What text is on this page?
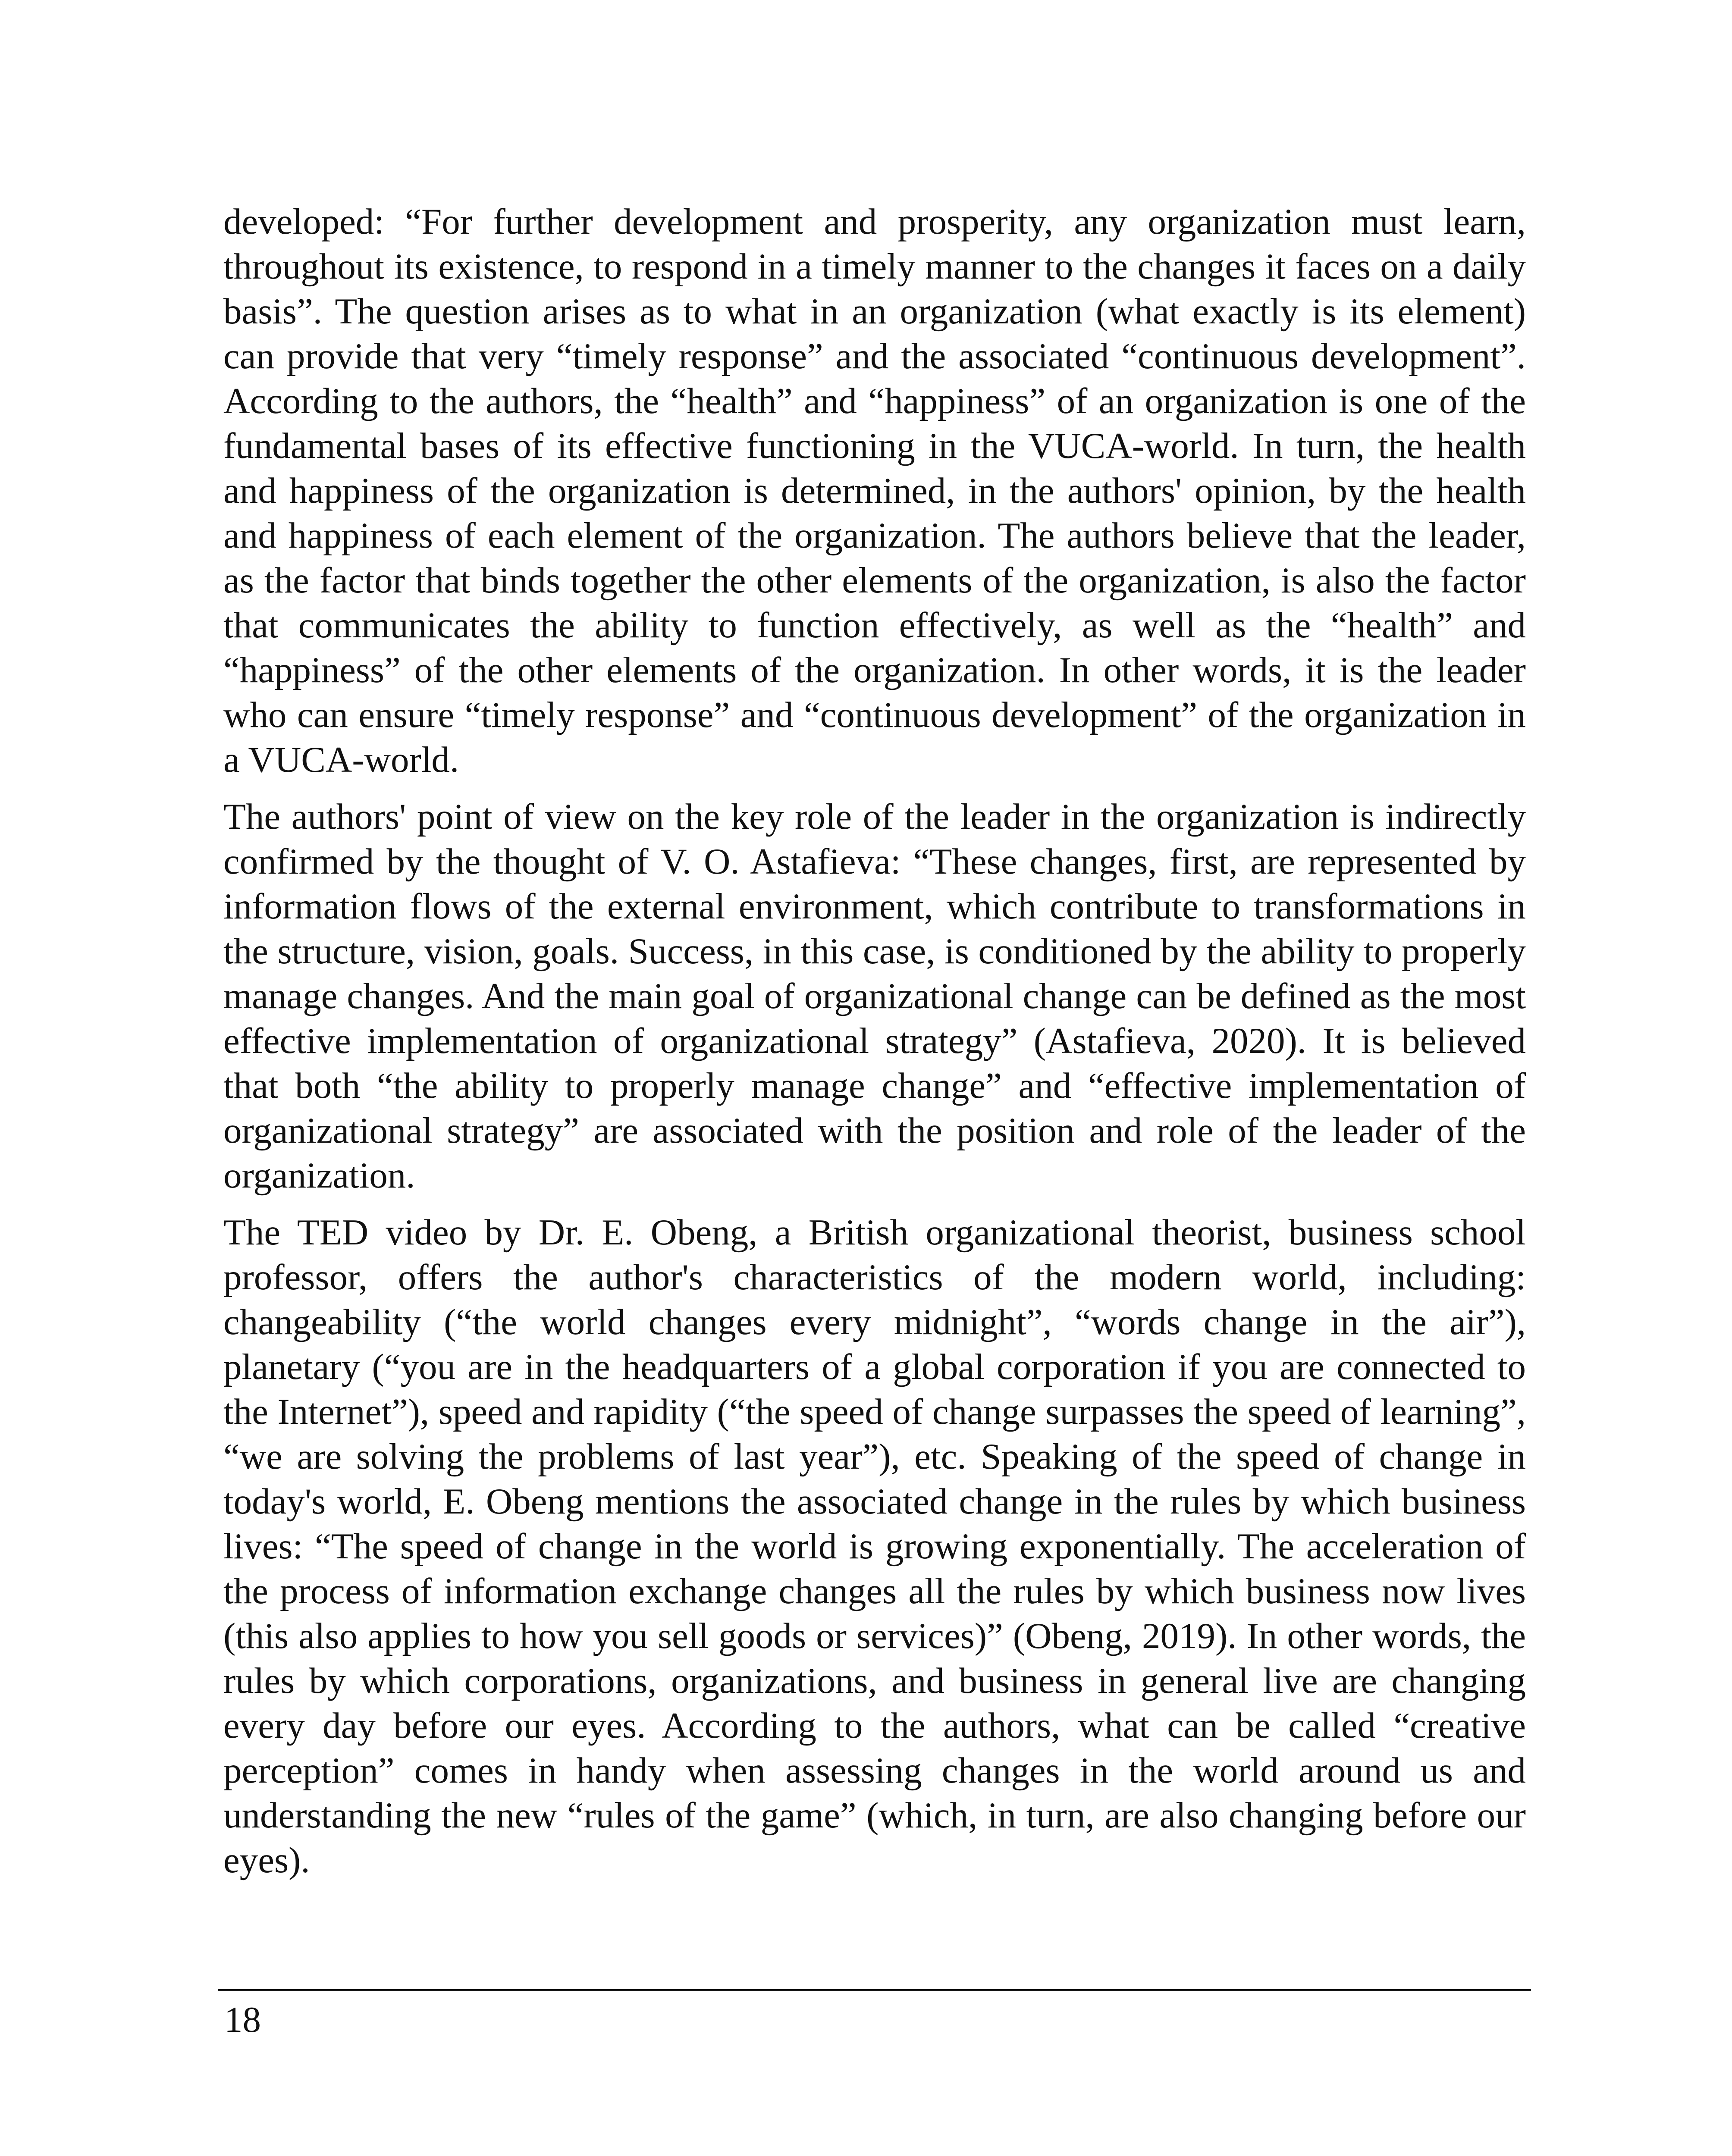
developed: “For further development and prosperity, any organization must learn, throughout its existence, to respond in a timely manner to the changes it faces on a daily basis”. The question arises as to what in an organization (what exactly is its element) can provide that very “timely response” and the associated “continuous development”. According to the authors, the “health” and “happiness” of an organization is one of the fundamental bases of its effective functioning in the VUCA-world. In turn, the health and happiness of the organization is determined, in the authors' opinion, by the health and happiness of each element of the organization. The authors believe that the leader, as the factor that binds together the other elements of the organization, is also the factor that communicates the ability to function effectively, as well as the “health” and “happiness” of the other elements of the organization. In other words, it is the leader who can ensure “timely response” and “continuous development” of the organization in a VUCA-world.

The authors' point of view on the key role of the leader in the organization is indirectly confirmed by the thought of V. O. Astafieva: “These changes, first, are represented by information flows of the external environment, which contribute to transformations in the structure, vision, goals. Success, in this case, is conditioned by the ability to properly manage changes. And the main goal of organizational change can be defined as the most effective implementation of organizational strategy” (Astafieva, 2020). It is believed that both “the ability to properly manage change” and “effective implementation of organizational strategy” are associated with the position and role of the leader of the organization.

The TED video by Dr. E. Obeng, a British organizational theorist, business school professor, offers the author's characteristics of the modern world, including: changeability (“the world changes every midnight”, “words change in the air”), planetary (“you are in the headquarters of a global corporation if you are connected to the Internet”), speed and rapidity (“the speed of change surpasses the speed of learning”, “we are solving the problems of last year”), etc. Speaking of the speed of change in today's world, E. Obeng mentions the associated change in the rules by which business lives: “The speed of change in the world is growing exponentially. The acceleration of the process of information exchange changes all the rules by which business now lives (this also applies to how you sell goods or services)” (Obeng, 2019). In other words, the rules by which corporations, organizations, and business in general live are changing every day before our eyes. According to the authors, what can be called “creative perception” comes in handy when assessing changes in the world around us and understanding the new “rules of the game” (which, in turn, are also changing before our eyes).

18
